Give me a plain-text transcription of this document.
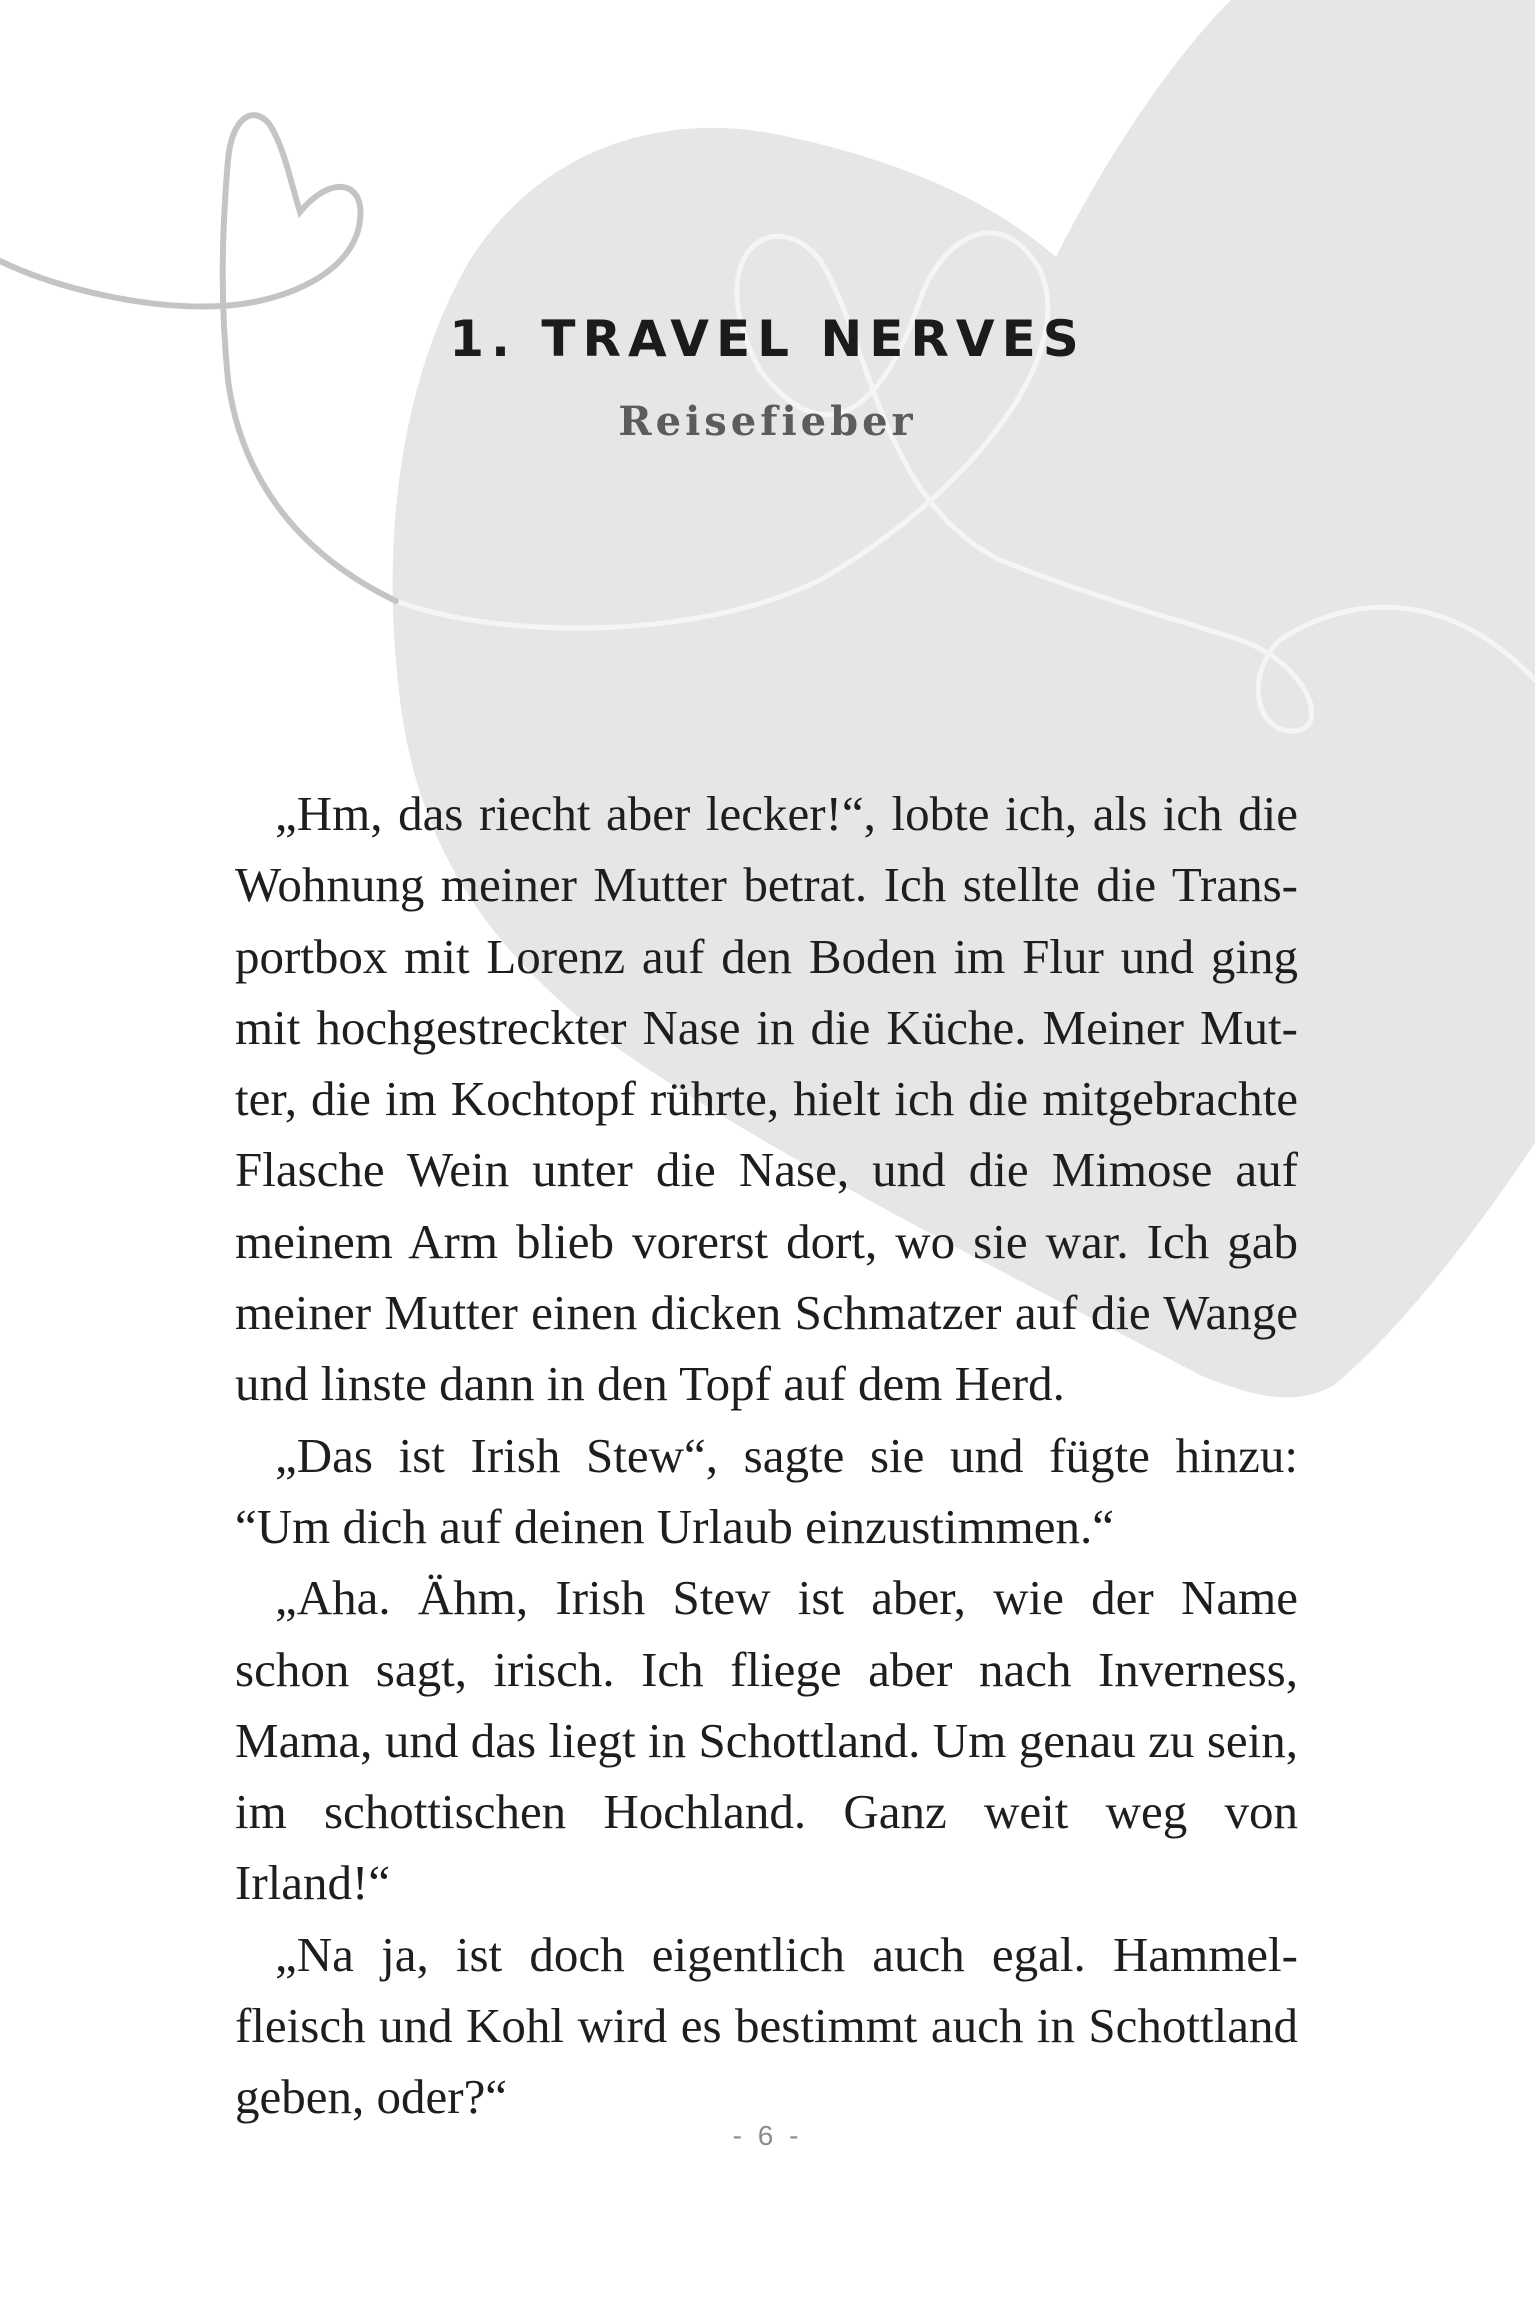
1. TRAVEL NERVES
Reisefieber

„Hm, das riecht aber lecker!“, lobte ich, als ich die Wohnung meiner Mutter betrat. Ich stellte die Transportbox mit Lorenz auf den Boden im Flur und ging mit hochgestreckter Nase in die Küche. Meiner Mutter, die im Kochtopf rührte, hielt ich die mitgebrachte Flasche Wein unter die Nase, und die Mimose auf meinem Arm blieb vorerst dort, wo sie war. Ich gab meiner Mutter einen dicken Schmatzer auf die Wange und linste dann in den Topf auf dem Herd.

„Das ist Irish Stew“, sagte sie und fügte hinzu: “Um dich auf deinen Urlaub einzustimmen.“

„Aha. Ähm, Irish Stew ist aber, wie der Name schon sagt, irisch. Ich fliege aber nach Inverness, Mama, und das liegt in Schottland. Um genau zu sein, im schottischen Hochland. Ganz weit weg von Irland!“

„Na ja, ist doch eigentlich auch egal. Hammelfleisch und Kohl wird es bestimmt auch in Schottland geben, oder?“

- 6 -
